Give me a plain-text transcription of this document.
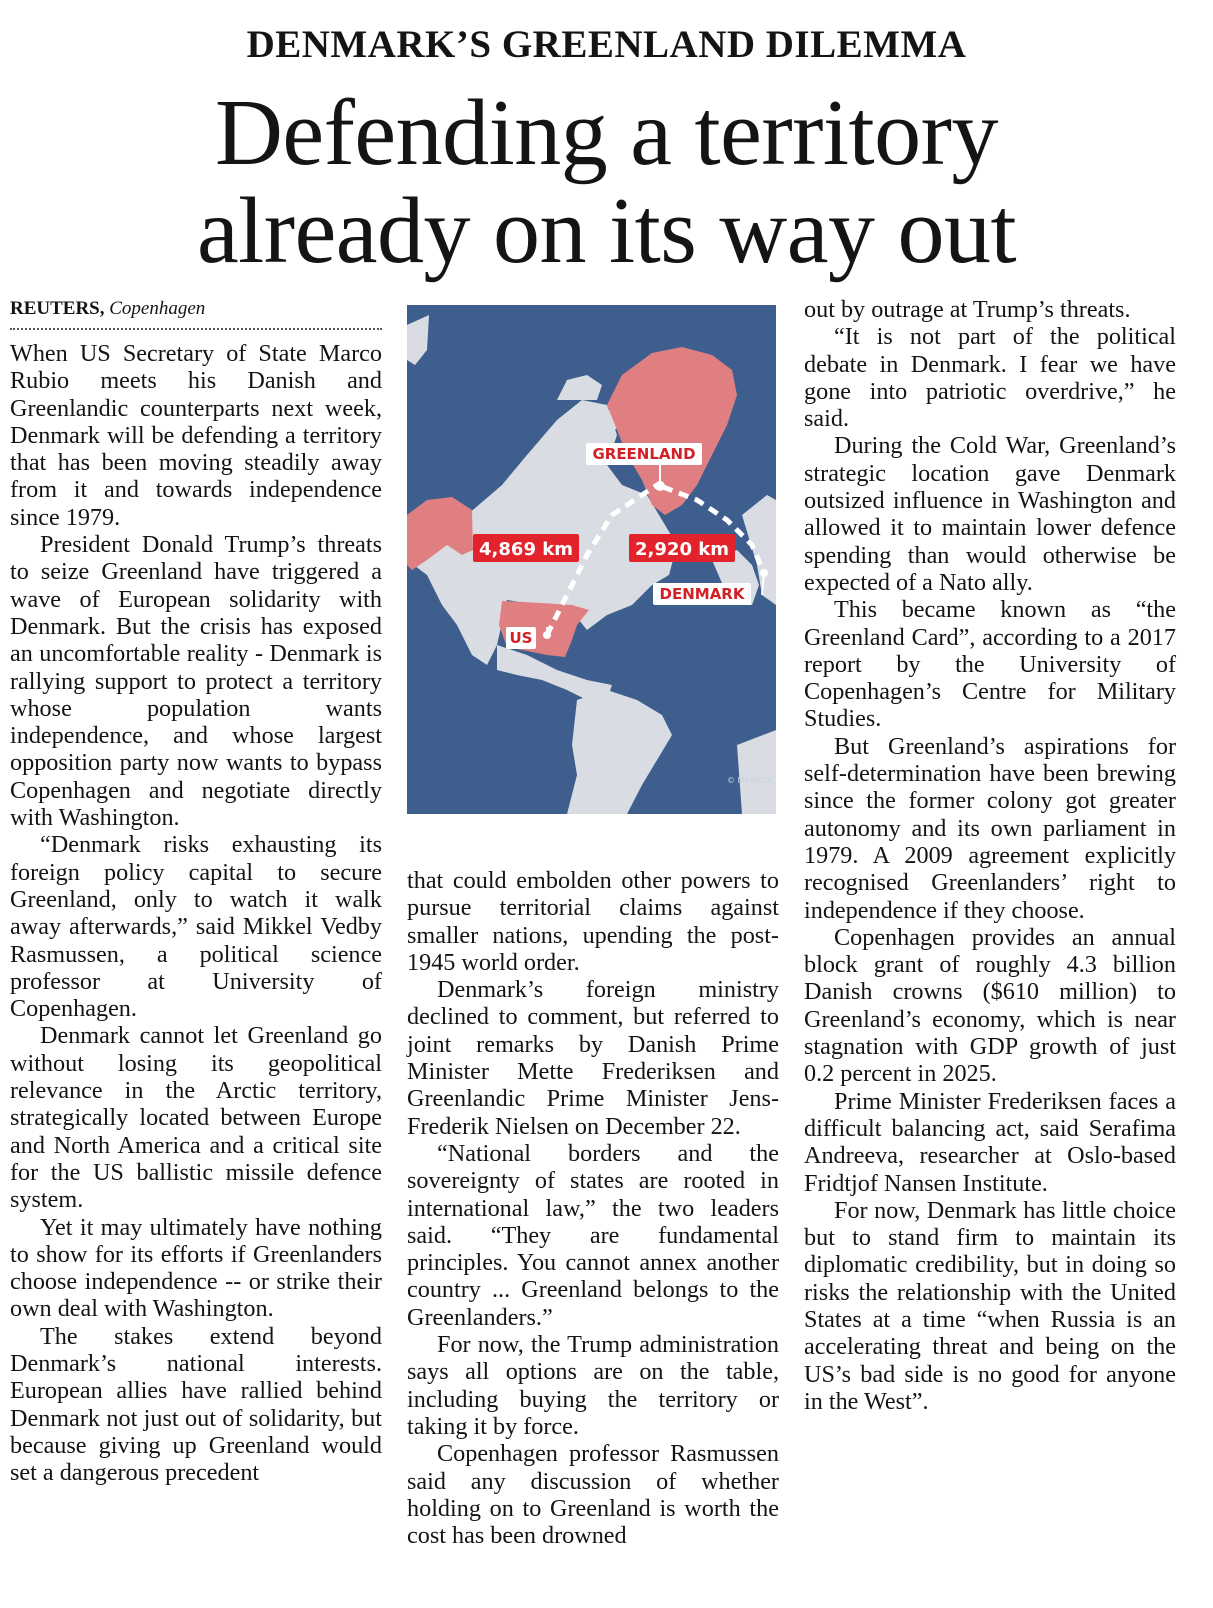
DENMARK’S GREENLAND DILEMMA
Defending a territory
already on its way out
REUTERS, Copenhagen

When US Secretary of State Marco Rubio meets his Danish and Greenlandic counterparts next week, Denmark will be defending a territory that has been moving steadily away from it and towards independence since 1979.

President Donald Trump’s threats to seize Greenland have triggered a wave of European solidarity with Denmark. But the crisis has exposed an uncomfortable reality - Denmark is rallying support to protect a territory whose population wants independence, and whose largest opposition party now wants to bypass Copenhagen and negotiate directly with Washington.

“Denmark risks exhausting its foreign policy capital to secure Greenland, only to watch it walk away afterwards,” said Mikkel Vedby Rasmussen, a political science professor at University of Copenhagen.

Denmark cannot let Greenland go without losing its geopolitical relevance in the Arctic territory, strategically located between Europe and North America and a critical site for the US ballistic missile defence system.

Yet it may ultimately have nothing to show for its efforts if Greenlanders choose independence -- or strike their own deal with Washington.

The stakes extend beyond Denmark’s national interests. European allies have rallied behind Denmark not just out of solidarity, but because giving up Greenland would set a dangerous precedent

GREENLAND
4,869 km	2,920 km
DENMARK
US
© MAPBOX

that could embolden other powers to pursue territorial claims against smaller nations, upending the post-1945 world order.

Denmark’s foreign ministry declined to comment, but referred to joint remarks by Danish Prime Minister Mette Frederiksen and Greenlandic Prime Minister Jens-Frederik Nielsen on December 22.

“National borders and the sovereignty of states are rooted in international law,” the two leaders said. “They are fundamental principles. You cannot annex another country ... Greenland belongs to the Greenlanders.”

For now, the Trump administration says all options are on the table, including buying the territory or taking it by force.

Copenhagen professor Rasmussen said any discussion of whether holding on to Greenland is worth the cost has been drowned

out by outrage at Trump’s threats.

“It is not part of the political debate in Denmark. I fear we have gone into patriotic overdrive,” he said.

During the Cold War, Greenland’s strategic location gave Denmark outsized influence in Washington and allowed it to maintain lower defence spending than would otherwise be expected of a Nato ally.

This became known as “the Greenland Card”, according to a 2017 report by the University of Copenhagen’s Centre for Military Studies.

But Greenland’s aspirations for self-determination have been brewing since the former colony got greater autonomy and its own parliament in 1979. A 2009 agreement explicitly recognised Greenlanders’ right to independence if they choose.

Copenhagen provides an annual block grant of roughly 4.3 billion Danish crowns ($610 million) to Greenland’s economy, which is near stagnation with GDP growth of just 0.2 percent in 2025.

Prime Minister Frederiksen faces a difficult balancing act, said Serafima Andreeva, researcher at Oslo-based Fridtjof Nansen Institute.

For now, Denmark has little choice but to stand firm to maintain its diplomatic credibility, but in doing so risks the relationship with the United States at a time “when Russia is an accelerating threat and being on the US’s bad side is no good for anyone in the West”.
